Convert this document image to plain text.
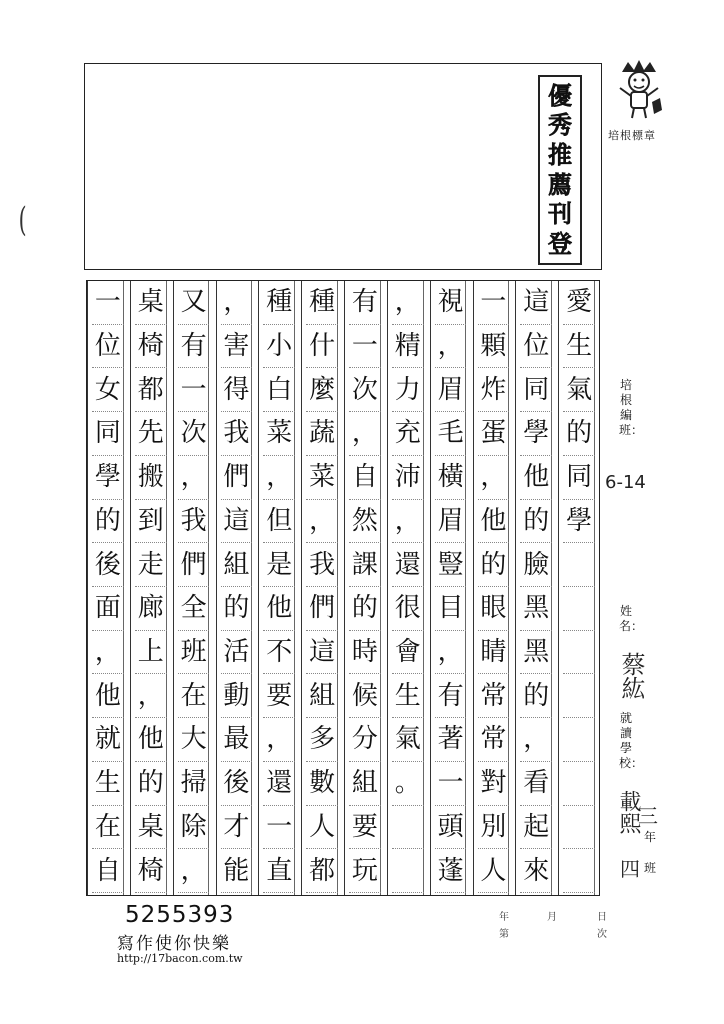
(
優
秀
推
薦
刊
登
培根標章
愛
生
氣
的
同
學
這
位
同
學
他
的
臉
黑
黑
的
，
看
起
來
一
顆
炸
蛋
，
他
的
眼
睛
常
常
對
別
人
視
，
眉
毛
橫
眉
豎
目
，
有
著
一
頭
蓬
，
精
力
充
沛
，
還
很
會
生
氣
。
有
一
次
，
自
然
課
的
時
候
分
組
要
玩
種
什
麼
蔬
菜
，
我
們
這
組
多
數
人
都
種
小
白
菜
，
但
是
他
不
要
，
還
一
直
，
害
得
我
們
這
組
的
活
動
最
後
才
能
又
有
一
次
，
我
們
全
班
在
大
掃
除
，
桌
椅
都
先
搬
到
走
廊
上
，
他
的
桌
椅
一
位
女
同
學
的
後
面
，
他
就
生
在
自
培根編班：
6-14
姓名：
蔡紘
就讀學校：
載熙
三
年
四 班
5255393
寫作使你快樂
http://17bacon.com.tw
年	月	日
第	次
